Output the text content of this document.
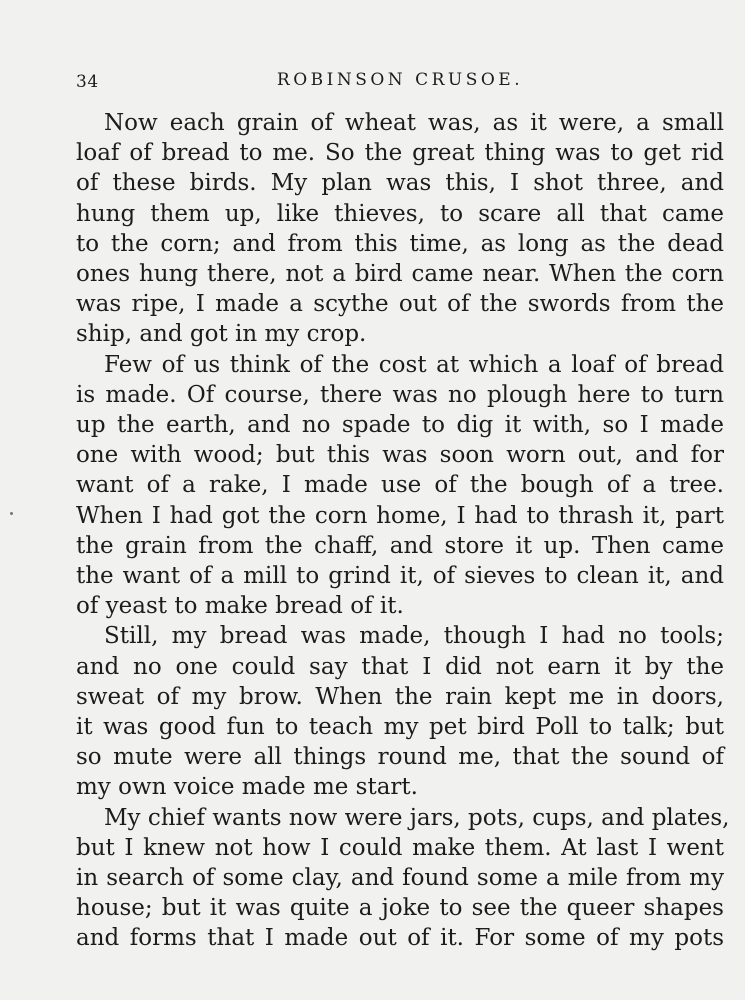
34	ROBINSON CRUSOE.

Now each grain of wheat was, as it were, a small
loaf of bread to me. So the great thing was to get rid
of these birds. My plan was this, I shot three, and
hung them up, like thieves, to scare all that came
to the corn; and from this time, as long as the dead
ones hung there, not a bird came near. When the corn
was ripe, I made a scythe out of the swords from the
ship, and got in my crop.

Few of us think of the cost at which a loaf of bread
is made. Of course, there was no plough here to turn
up the earth, and no spade to dig it with, so I made
one with wood; but this was soon worn out, and for
want of a rake, I made use of the bough of a tree.
When I had got the corn home, I had to thrash it, part
the grain from the chaff, and store it up. Then came
the want of a mill to grind it, of sieves to clean it, and
of yeast to make bread of it.

Still, my bread was made, though I had no tools;
and no one could say that I did not earn it by the
sweat of my brow. When the rain kept me in doors,
it was good fun to teach my pet bird Poll to talk; but
so mute were all things round me, that the sound of
my own voice made me start.

My chief wants now were jars, pots, cups, and plates,
but I knew not how I could make them. At last I went
in search of some clay, and found some a mile from my
house; but it was quite a joke to see the queer shapes
and forms that I made out of it. For some of my pots
